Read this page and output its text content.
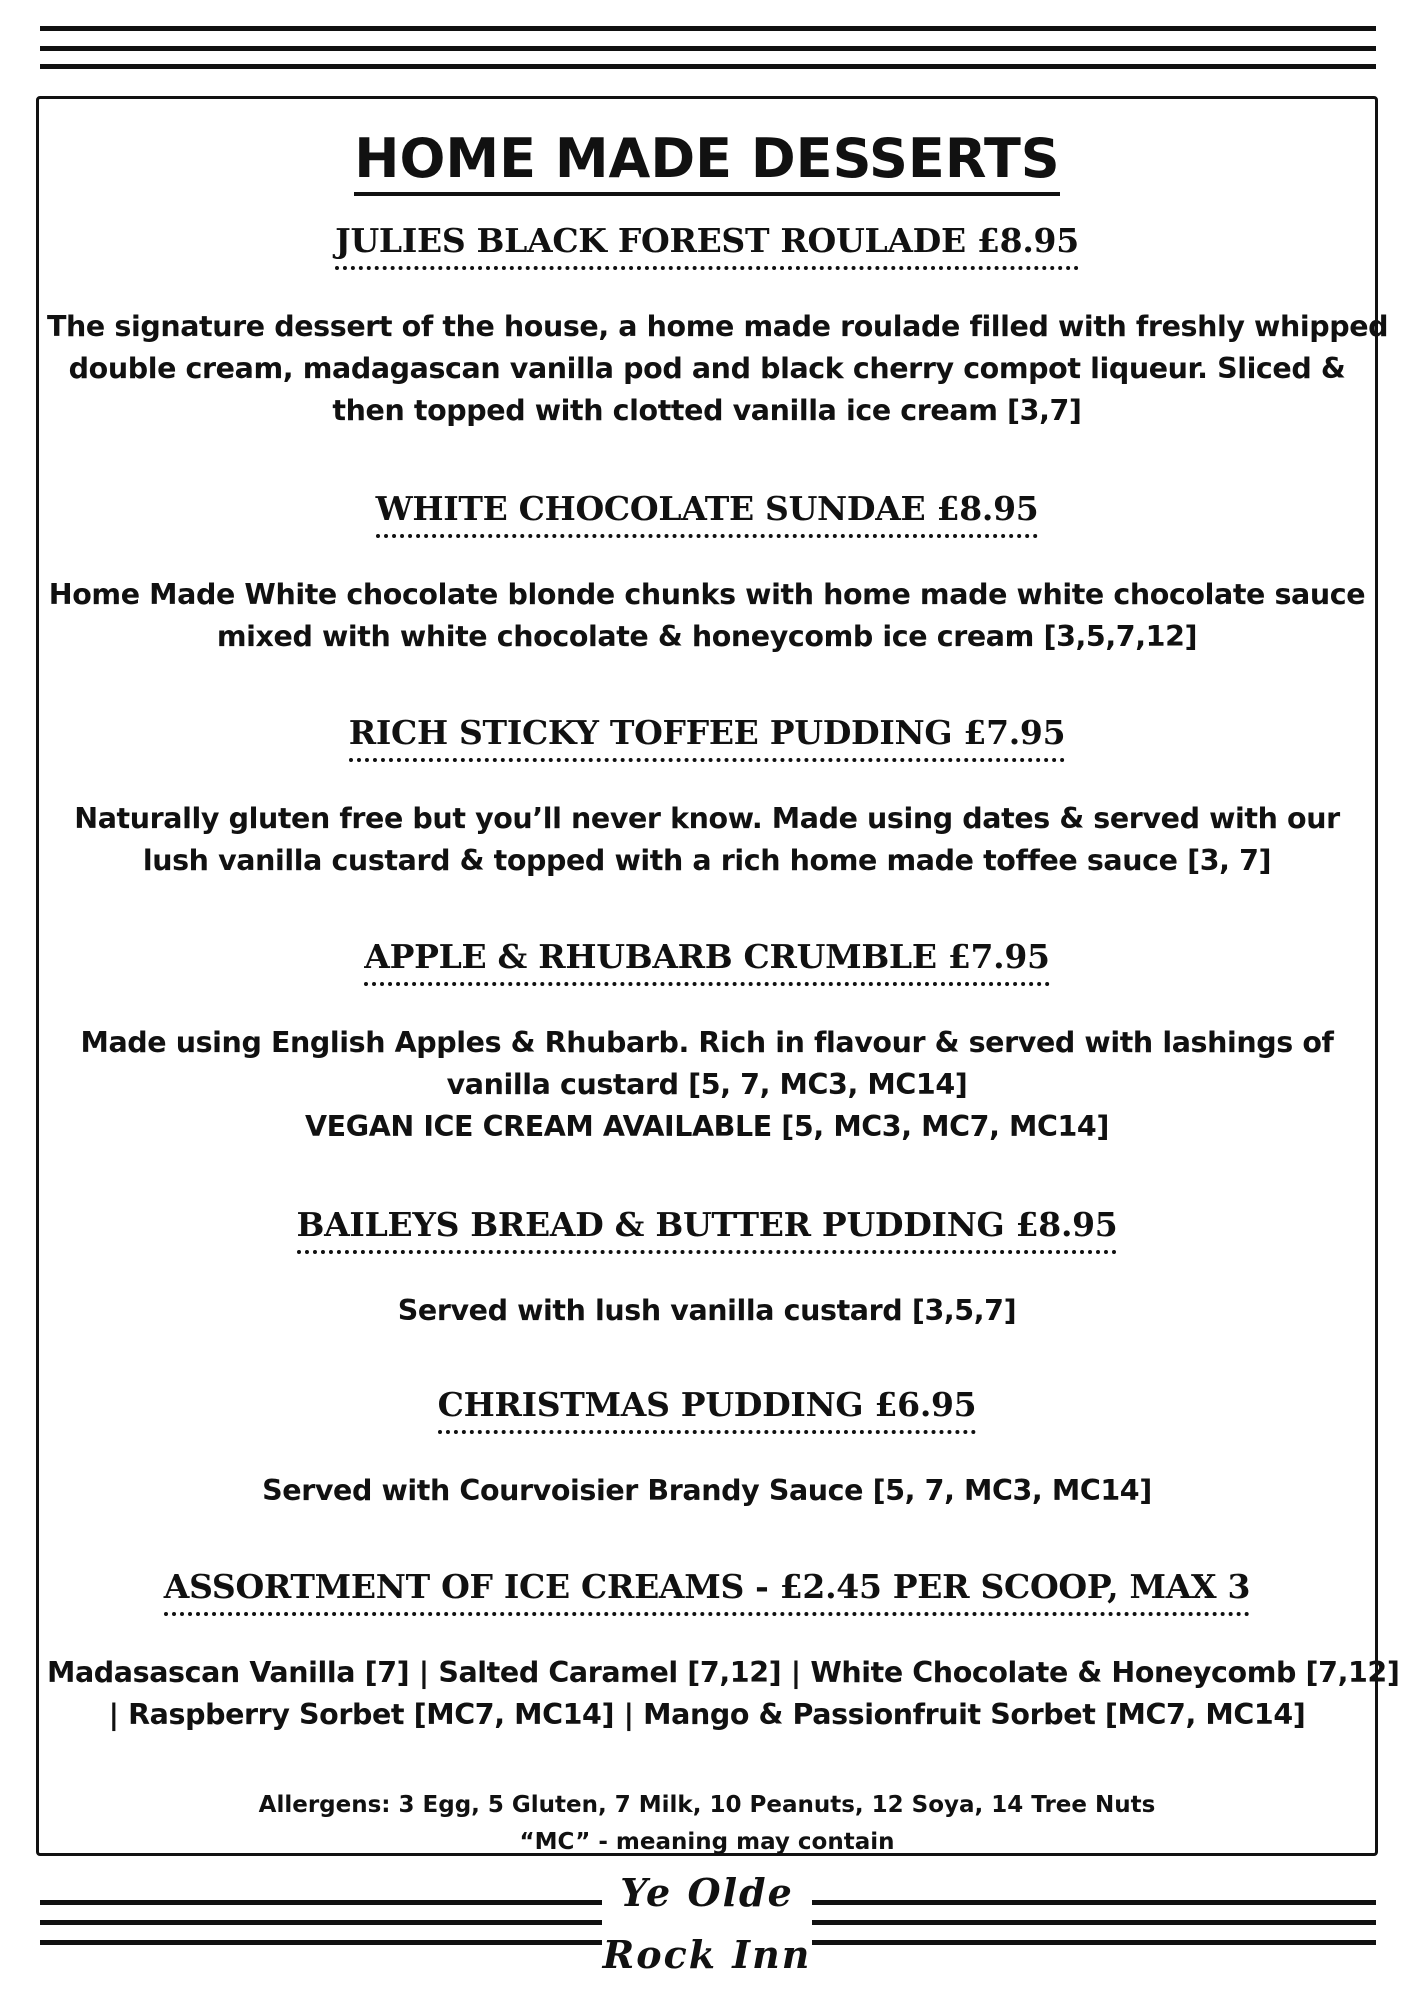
HOME MADE DESSERTS
JULIES BLACK FOREST ROULADE £8.95
The signature dessert of the house, a home made roulade filled with freshly whipped
double cream, madagascan vanilla pod and black cherry compot liqueur. Sliced &
then topped with clotted vanilla ice cream [3,7]
WHITE CHOCOLATE SUNDAE £8.95
Home Made White chocolate blonde chunks with home made white chocolate sauce
mixed with white chocolate & honeycomb ice cream [3,5,7,12]
RICH STICKY TOFFEE PUDDING £7.95
Naturally gluten free but you’ll never know. Made using dates & served with our
lush vanilla custard & topped with a rich home made toffee sauce [3, 7]
APPLE & RHUBARB CRUMBLE £7.95
Made using English Apples & Rhubarb. Rich in flavour & served with lashings of
vanilla custard [5, 7, MC3, MC14]
VEGAN ICE CREAM AVAILABLE [5, MC3, MC7, MC14]
BAILEYS BREAD & BUTTER PUDDING £8.95
Served with lush vanilla custard [3,5,7]
CHRISTMAS PUDDING £6.95
Served with Courvoisier Brandy Sauce [5, 7, MC3, MC14]
ASSORTMENT OF ICE CREAMS - £2.45 PER SCOOP, MAX 3
Madasascan Vanilla [7] | Salted Caramel [7,12] | White Chocolate & Honeycomb [7,12]
| Raspberry Sorbet [MC7, MC14] | Mango & Passionfruit Sorbet [MC7, MC14]
Allergens: 3 Egg, 5 Gluten, 7 Milk, 10 Peanuts, 12 Soya, 14 Tree Nuts
“MC” - meaning may contain
Ye Olde
Rock Inn
